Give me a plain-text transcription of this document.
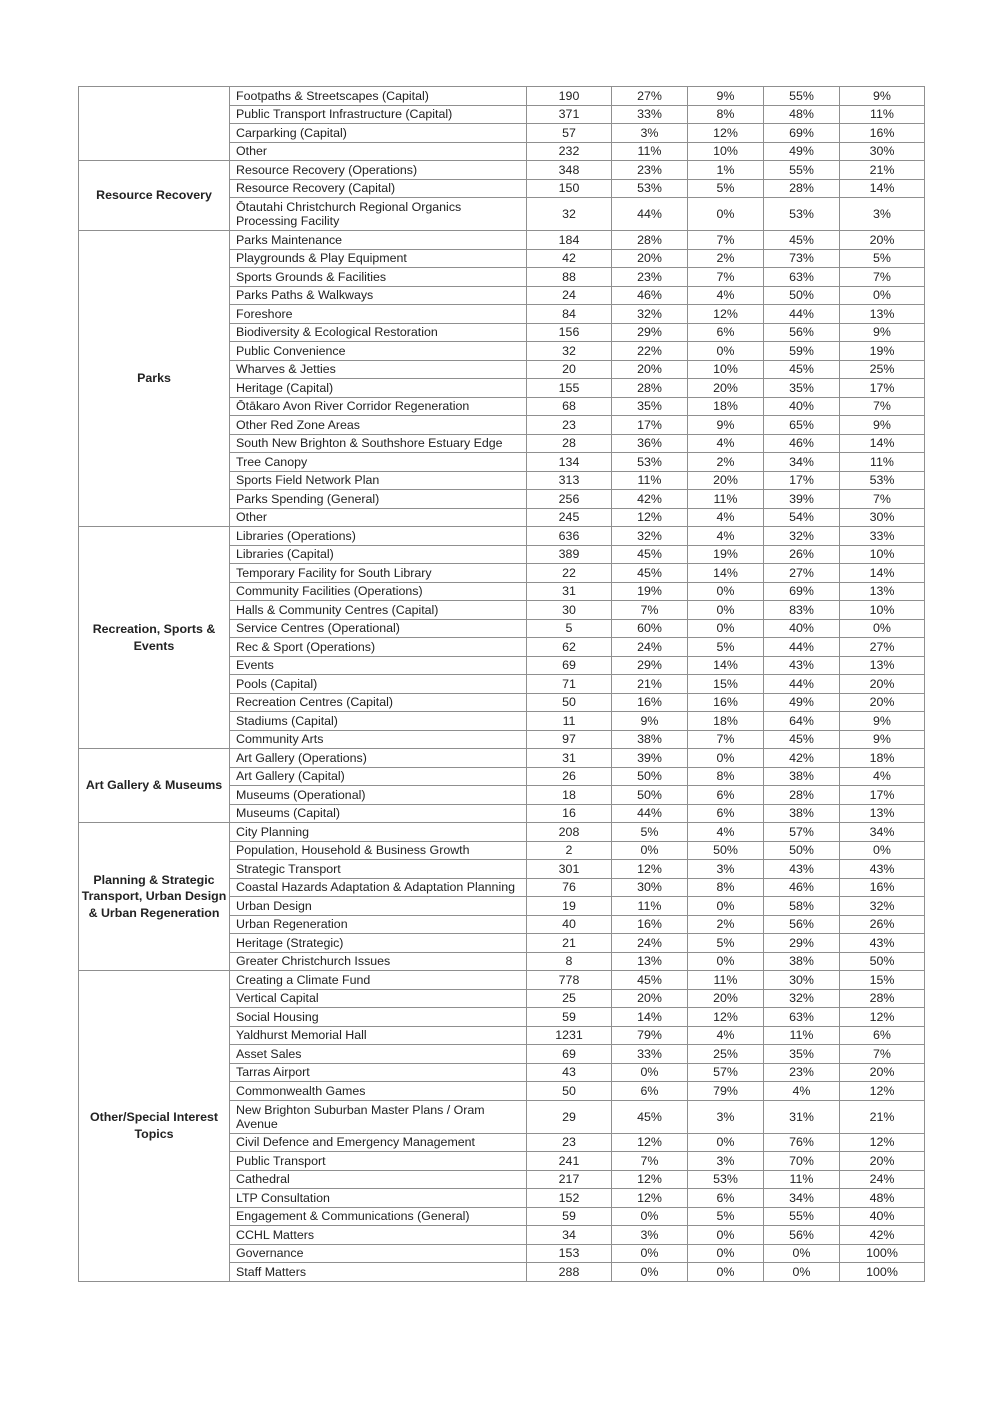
	Footpaths & Streetscapes (Capital)	190	27%	9%	55%	9%
	Public Transport Infrastructure (Capital)	371	33%	8%	48%	11%
	Carparking (Capital)	57	3%	12%	69%	16%
	Other	232	11%	10%	49%	30%
Resource Recovery	Resource Recovery (Operations)	348	23%	1%	55%	21%
	Resource Recovery (Capital)	150	53%	5%	28%	14%
	Ōtautahi Christchurch Regional Organics Processing Facility	32	44%	0%	53%	3%
Parks	Parks Maintenance	184	28%	7%	45%	20%
	Playgrounds & Play Equipment	42	20%	2%	73%	5%
	Sports Grounds & Facilities	88	23%	7%	63%	7%
	Parks Paths & Walkways	24	46%	4%	50%	0%
	Foreshore	84	32%	12%	44%	13%
	Biodiversity & Ecological Restoration	156	29%	6%	56%	9%
	Public Convenience	32	22%	0%	59%	19%
	Wharves & Jetties	20	20%	10%	45%	25%
	Heritage (Capital)	155	28%	20%	35%	17%
	Ōtākaro Avon River Corridor Regeneration	68	35%	18%	40%	7%
	Other Red Zone Areas	23	17%	9%	65%	9%
	South New Brighton & Southshore Estuary Edge	28	36%	4%	46%	14%
	Tree Canopy	134	53%	2%	34%	11%
	Sports Field Network Plan	313	11%	20%	17%	53%
	Parks Spending (General)	256	42%	11%	39%	7%
	Other	245	12%	4%	54%	30%
Recreation, Sports & Events	Libraries (Operations)	636	32%	4%	32%	33%
	Libraries (Capital)	389	45%	19%	26%	10%
	Temporary Facility for South Library	22	45%	14%	27%	14%
	Community Facilities (Operations)	31	19%	0%	69%	13%
	Halls & Community Centres (Capital)	30	7%	0%	83%	10%
	Service Centres (Operational)	5	60%	0%	40%	0%
	Rec & Sport (Operations)	62	24%	5%	44%	27%
	Events	69	29%	14%	43%	13%
	Pools (Capital)	71	21%	15%	44%	20%
	Recreation Centres (Capital)	50	16%	16%	49%	20%
	Stadiums (Capital)	11	9%	18%	64%	9%
	Community Arts	97	38%	7%	45%	9%
Art Gallery & Museums	Art Gallery (Operations)	31	39%	0%	42%	18%
	Art Gallery (Capital)	26	50%	8%	38%	4%
	Museums (Operational)	18	50%	6%	28%	17%
	Museums (Capital)	16	44%	6%	38%	13%
Planning & Strategic Transport, Urban Design & Urban Regeneration	City Planning	208	5%	4%	57%	34%
	Population, Household & Business Growth	2	0%	50%	50%	0%
	Strategic Transport	301	12%	3%	43%	43%
	Coastal Hazards Adaptation & Adaptation Planning	76	30%	8%	46%	16%
	Urban Design	19	11%	0%	58%	32%
	Urban Regeneration	40	16%	2%	56%	26%
	Heritage (Strategic)	21	24%	5%	29%	43%
	Greater Christchurch Issues	8	13%	0%	38%	50%
Other/Special Interest Topics	Creating a Climate Fund	778	45%	11%	30%	15%
	Vertical Capital	25	20%	20%	32%	28%
	Social Housing	59	14%	12%	63%	12%
	Yaldhurst Memorial Hall	1231	79%	4%	11%	6%
	Asset Sales	69	33%	25%	35%	7%
	Tarras Airport	43	0%	57%	23%	20%
	Commonwealth Games	50	6%	79%	4%	12%
	New Brighton Suburban Master Plans / Oram Avenue	29	45%	3%	31%	21%
	Civil Defence and Emergency Management	23	12%	0%	76%	12%
	Public Transport	241	7%	3%	70%	20%
	Cathedral	217	12%	53%	11%	24%
	LTP Consultation	152	12%	6%	34%	48%
	Engagement & Communications (General)	59	0%	5%	55%	40%
	CCHL Matters	34	3%	0%	56%	42%
	Governance	153	0%	0%	0%	100%
	Staff Matters	288	0%	0%	0%	100%
